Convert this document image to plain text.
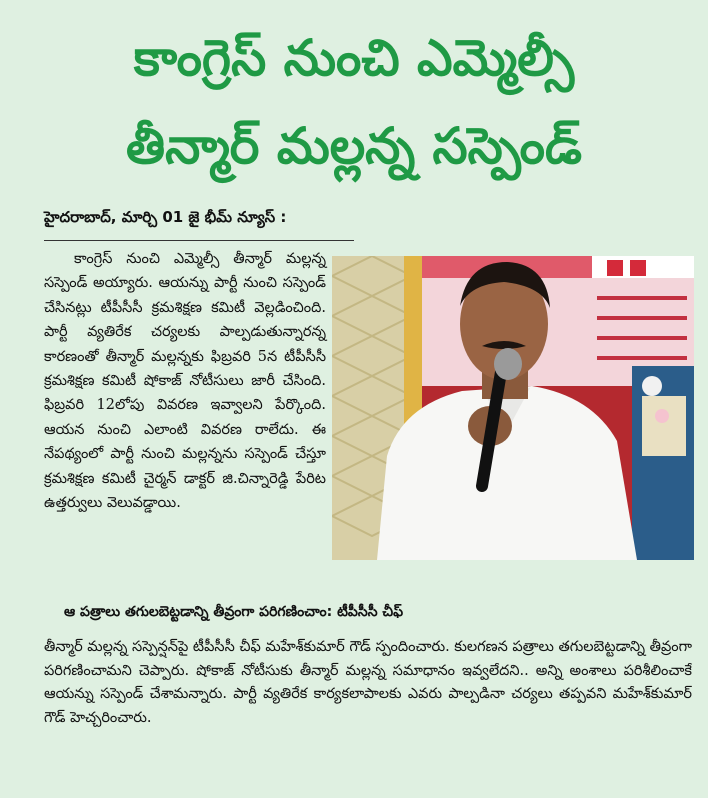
కాంగ్రెస్ నుంచి ఎమ్మెల్సీ
తీన్మార్ మల్లన్న సస్పెండ్
హైదరాబాద్, మార్చి 01 జై భీమ్ న్యూస్ :
కాంగ్రెస్ నుంచి ఎమ్మెల్సీ తీన్మార్ మల్లన్న సస్పెండ్ అయ్యారు. ఆయన్ను పార్టీ నుంచి సస్పెండ్ చేసినట్లు టీపీసీసీ క్రమశిక్షణ కమిటీ వెల్లడించింది. పార్టీ వ్యతిరేక చర్యలకు పాల్పడుతున్నారన్న కారణంతో తీన్మార్ మల్లన్నకు ఫిబ్రవరి 5న టీపీసీసీ క్రమశిక్షణ కమిటీ షోకాజ్ నోటీసులు జారీ చేసింది. ఫిబ్రవరి 12లోపు వివరణ ఇవ్వాలని పేర్కొంది. ఆయన నుంచి ఎలాంటి వివరణ రాలేదు. ఈ నేపథ్యంలో పార్టీ నుంచి మల్లన్నను సస్పెండ్ చేస్తూ క్రమశిక్షణ కమిటీ చైర్మన్ డాక్టర్ జి.చిన్నారెడ్డి పేరిట ఉత్తర్వులు వెలువడ్డాయి.
ఆ పత్రాలు తగులబెట్టడాన్ని తీవ్రంగా పరిగణించాం: టీపీసీసీ చీఫ్
తీన్మార్ మల్లన్న సస్పెన్షన్‌పై టీపీసీసీ చీఫ్ మహేశ్‌కుమార్ గౌడ్ స్పందించారు. కులగణన పత్రాలు తగులబెట్టడాన్ని తీవ్రంగా పరిగణించామని చెప్పారు. షోకాజ్ నోటీసుకు తీన్మార్ మల్లన్న సమాధానం ఇవ్వలేదని.. అన్ని అంశాలు పరిశీలించాకే ఆయన్ను సస్పెండ్ చేశామన్నారు. పార్టీ వ్యతిరేక కార్యకలాపాలకు ఎవరు పాల్పడినా చర్యలు తప్పవని మహేశ్‌కుమార్ గౌడ్ హెచ్చరించారు.
